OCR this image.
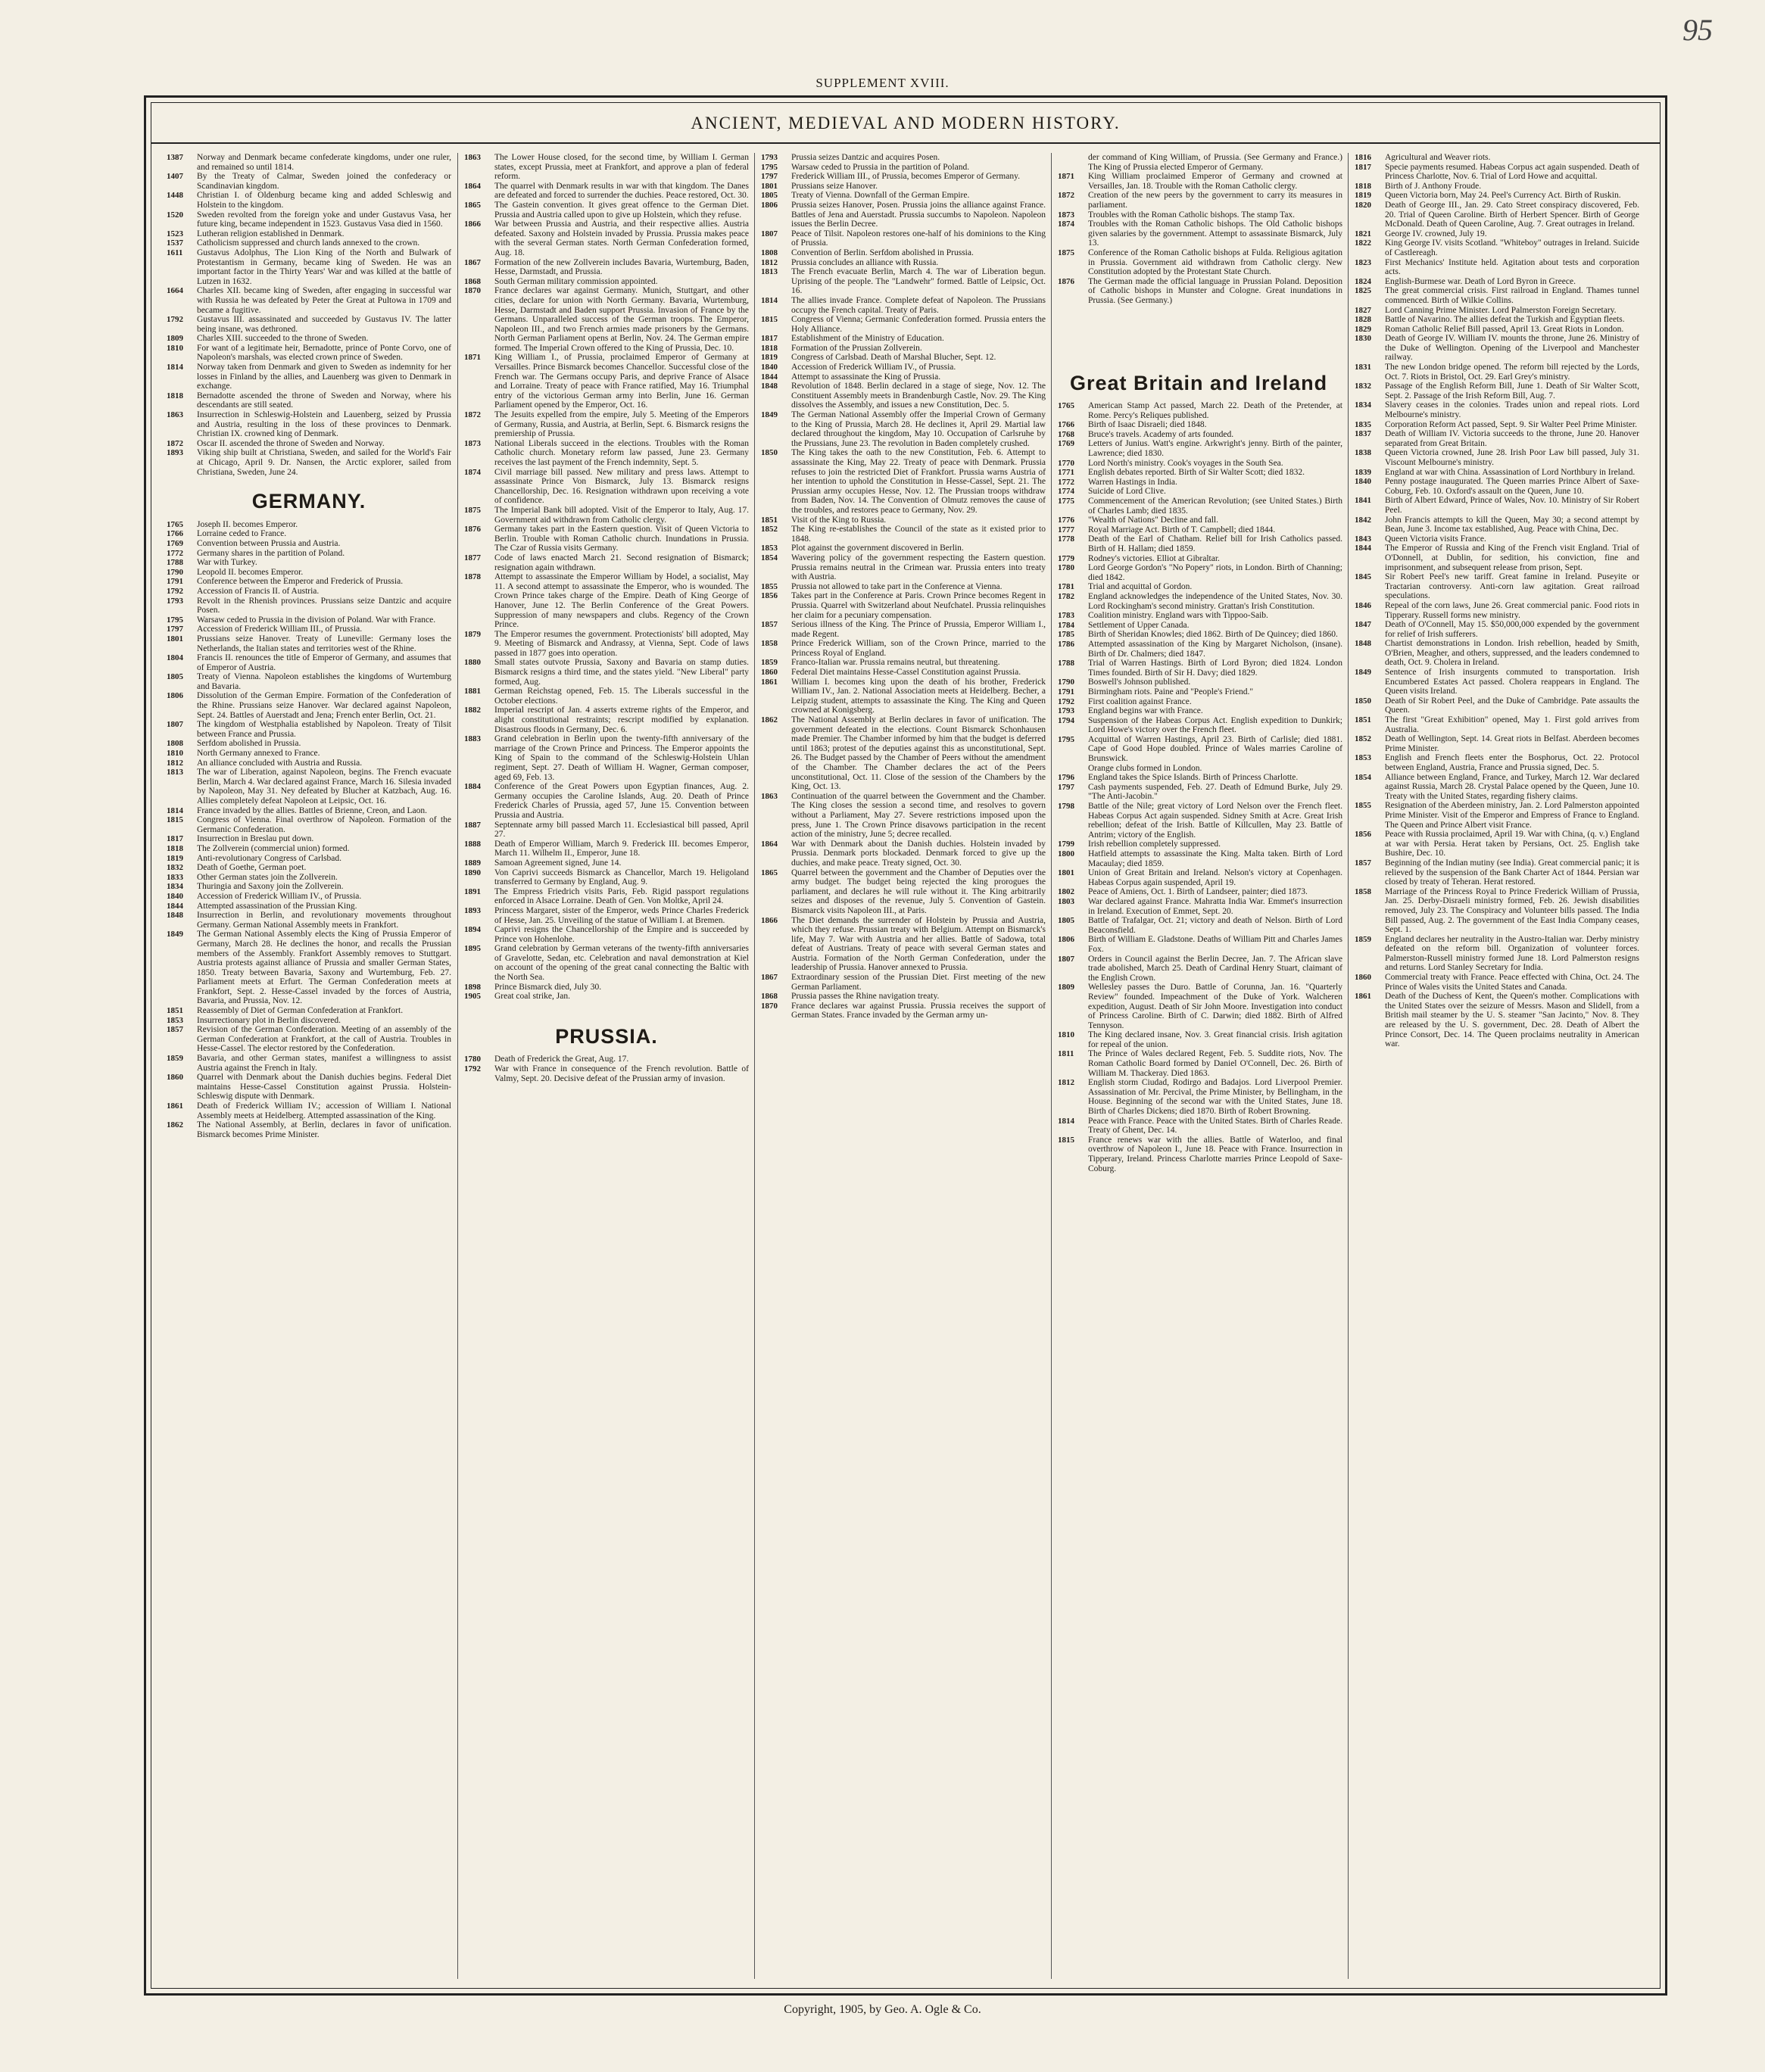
95
SUPPLEMENT XVIII.
ANCIENT, MEDIEVAL AND MODERN HISTORY.
1387	Norway and Denmark became confederate kingdoms, under one ruler, and remained so until 1814.
1407	By the Treaty of Calmar, Sweden joined the confederacy or Scandinavian kingdom.
1448	Christian I. of Oldenburg became king and added Schleswig and Holstein to the kingdom.
1520	Sweden revolted from the foreign yoke and under Gustavus Vasa, her future king, became independent in 1523. Gustavus Vasa died in 1560.
1523	Lutheran religion established in Denmark.
1537	Catholicism suppressed and church lands annexed to the crown.
1611	Gustavus Adolphus, The Lion King of the North and Bulwark of Protestantism in Germany, became king of Sweden. He was an important factor in the Thirty Years' War and was killed at the battle of Lutzen in 1632.
1664	Charles XII. became king of Sweden, after engaging in successful war with Russia he was defeated by Peter the Great at Pultowa in 1709 and became a fugitive.
1792	Gustavus III. assassinated and succeeded by Gustavus IV. The latter being insane, was dethroned.
1809	Charles XIII. succeeded to the throne of Sweden.
1810	For want of a legitimate heir, Bernadotte, prince of Ponte Corvo, one of Napoleon's marshals, was elected crown prince of Sweden.
1814	Norway taken from Denmark and given to Sweden as indemnity for her losses in Finland by the allies, and Lauenberg was given to Denmark in exchange.
1818	Bernadotte ascended the throne of Sweden and Norway, where his descendants are still seated.
1863	Insurrection in Schleswig-Holstein and Lauenberg, seized by Prussia and Austria, resulting in the loss of these provinces to Denmark. Christian IX. crowned king of Denmark.
1872	Oscar II. ascended the throne of Sweden and Norway.
1893	Viking ship built at Christiana, Sweden, and sailed for the World's Fair at Chicago, April 9. Dr. Nansen, the Arctic explorer, sailed from Christiana, Sweden, June 24.
GERMANY.
1765	Joseph II. becomes Emperor.
1766	Lorraine ceded to France.
1769	Convention between Prussia and Austria.
1772	Germany shares in the partition of Poland.
1788	War with Turkey.
1790	Leopold II. becomes Emperor.
1791	Conference between the Emperor and Frederick of Prussia.
1792	Accession of Francis II. of Austria.
1793	Revolt in the Rhenish provinces. Prussians seize Dantzic and acquire Posen.
1795	Warsaw ceded to Prussia in the division of Poland. War with France.
1797	Accession of Frederick William III., of Prussia.
1801	Prussians seize Hanover. Treaty of Luneville: Germany loses the Netherlands, the Italian states and territories west of the Rhine.
1804	Francis II. renounces the title of Emperor of Germany, and assumes that of Emperor of Austria.
1805	Treaty of Vienna. Napoleon establishes the kingdoms of Wurtemburg and Bavaria.
1806	Dissolution of the German Empire. Formation of the Confederation of the Rhine. Prussians seize Hanover. War declared against Napoleon, Sept. 24. Battles of Auerstadt and Jena; French enter Berlin, Oct. 21.
1807	The kingdom of Westphalia established by Napoleon. Treaty of Tilsit between France and Prussia.
1808	Serfdom abolished in Prussia.
1810	North Germany annexed to France.
1812	An alliance concluded with Austria and Russia.
1813	The war of Liberation, against Napoleon, begins. The French evacuate Berlin, March 4. War declared against France, March 16. Silesia invaded by Napoleon, May 31. Ney defeated by Blucher at Katzbach, Aug. 16. Allies completely defeat Napoleon at Leipsic, Oct. 16.
1814	France invaded by the allies. Battles of Brienne, Creon, and Laon.
1815	Congress of Vienna. Final overthrow of Napoleon. Formation of the Germanic Confederation.
1817	Insurrection in Breslau put down.
1818	The Zollverein (commercial union) formed.
1819	Anti-revolutionary Congress of Carlsbad.
1832	Death of Goethe, German poet.
1833	Other German states join the Zollverein.
1834	Thuringia and Saxony join the Zollverein.
1840	Accession of Frederick William IV., of Prussia.
1844	Attempted assassination of the Prussian King.
1848	Insurrection in Berlin, and revolutionary movements throughout Germany. German National Assembly meets in Frankfort.
1849	The German National Assembly elects the King of Prussia Emperor of Germany, March 28. He declines the honor, and recalls the Prussian members of the Assembly. Frankfort Assembly removes to Stuttgart. Austria protests against alliance of Prussia and smaller German States, 1850. Treaty between Bavaria, Saxony and Wurtemburg, Feb. 27. Parliament meets at Erfurt. The German Confederation meets at Frankfort, Sept. 2. Hesse-Cassel invaded by the forces of Austria, Bavaria, and Prussia, Nov. 12.
1851	Reassembly of Diet of German Confederation at Frankfort.
1853	Insurrectionary plot in Berlin discovered.
1857	Revision of the German Confederation. Meeting of an assembly of the German Confederation at Frankfort, at the call of Austria. Troubles in Hesse-Cassel. The elector restored by the Confederation.
1859	Bavaria, and other German states, manifest a willingness to assist Austria against the French in Italy.
1860	Quarrel with Denmark about the Danish duchies begins. Federal Diet maintains Hesse-Cassel Constitution against Prussia. Holstein-Schleswig dispute with Denmark.
1861	Death of Frederick William IV.; accession of William I. National Assembly meets at Heidelberg. Attempted assassination of the King.
1862	The National Assembly, at Berlin, declares in favor of unification. Bismarck becomes Prime Minister.
1863	The Lower House closed, for the second time, by William I. German states, except Prussia, meet at Frankfort, and approve a plan of federal reform.
1864	The quarrel with Denmark results in war with that kingdom. The Danes are defeated and forced to surrender the duchies. Peace restored, Oct. 30.
1865	The Gastein convention. It gives great offence to the German Diet. Prussia and Austria called upon to give up Holstein, which they refuse.
1866	War between Prussia and Austria, and their respective allies. Austria defeated. Saxony and Holstein invaded by Prussia. Prussia makes peace with the several German states. North German Confederation formed, Aug. 18.
1867	Formation of the new Zollverein includes Bavaria, Wurtemburg, Baden, Hesse, Darmstadt, and Prussia.
1868	South German military commission appointed.
1870	France declares war against Germany. Munich, Stuttgart, and other cities, declare for union with North Germany. Bavaria, Wurtemburg, Hesse, Darmstadt and Baden support Prussia. Invasion of France by the Germans. Unparalleled success of the German troops. The Emperor, Napoleon III., and two French armies made prisoners by the Germans. North German Parliament opens at Berlin, Nov. 24. The German empire formed. The Imperial Crown offered to the King of Prussia, Dec. 10.
1871	King William I., of Prussia, proclaimed Emperor of Germany at Versailles. Prince Bismarck becomes Chancellor. Successful close of the French war. The Germans occupy Paris, and deprive France of Alsace and Lorraine. Treaty of peace with France ratified, May 16. Triumphal entry of the victorious German army into Berlin, June 16. German Parliament opened by the Emperor, Oct. 16.
1872	The Jesuits expelled from the empire, July 5. Meeting of the Emperors of Germany, Russia, and Austria, at Berlin, Sept. 6. Bismarck resigns the premiership of Prussia.
1873	National Liberals succeed in the elections. Troubles with the Roman Catholic church. Monetary reform law passed, June 23. Germany receives the last payment of the French indemnity, Sept. 5.
1874	Civil marriage bill passed. New military and press laws. Attempt to assassinate Prince Von Bismarck, July 13. Bismarck resigns Chancellorship, Dec. 16. Resignation withdrawn upon receiving a vote of confidence.
1875	The Imperial Bank bill adopted. Visit of the Emperor to Italy, Aug. 17. Government aid withdrawn from Catholic clergy.
1876	Germany takes part in the Eastern question. Visit of Queen Victoria to Berlin. Trouble with Roman Catholic church. Inundations in Prussia. The Czar of Russia visits Germany.
1877	Code of laws enacted March 21. Second resignation of Bismarck; resignation again withdrawn.
1878	Attempt to assassinate the Emperor William by Hodel, a socialist, May 11. A second attempt to assassinate the Emperor, who is wounded. The Crown Prince takes charge of the Empire. Death of King George of Hanover, June 12. The Berlin Conference of the Great Powers. Suppression of many newspapers and clubs. Regency of the Crown Prince.
1879	The Emperor resumes the government. Protectionists' bill adopted, May 9. Meeting of Bismarck and Andrassy, at Vienna, Sept. Code of laws passed in 1877 goes into operation.
1880	Small states outvote Prussia, Saxony and Bavaria on stamp duties. Bismarck resigns a third time, and the states yield. "New Liberal" party formed, Aug.
1881	German Reichstag opened, Feb. 15. The Liberals successful in the October elections.
1882	Imperial rescript of Jan. 4 asserts extreme rights of the Emperor, and alight constitutional restraints; rescript modified by explanation. Disastrous floods in Germany, Dec. 6.
1883	Grand celebration in Berlin upon the twenty-fifth anniversary of the marriage of the Crown Prince and Princess. The Emperor appoints the King of Spain to the command of the Schleswig-Holstein Uhlan regiment, Sept. 27. Death of William H. Wagner, German composer, aged 69, Feb. 13.
1884	Conference of the Great Powers upon Egyptian finances, Aug. 2. Germany occupies the Caroline Islands, Aug. 20. Death of Prince Frederick Charles of Prussia, aged 57, June 15. Convention between Prussia and Austria.
1887	Septennate army bill passed March 11. Ecclesiastical bill passed, April 27.
1888	Death of Emperor William, March 9. Frederick III. becomes Emperor, March 11. Wilhelm II., Emperor, June 18.
1889	Samoan Agreement signed, June 14.
1890	Von Caprivi succeeds Bismarck as Chancellor, March 19. Heligoland transferred to Germany by England, Aug. 9.
1891	The Empress Friedrich visits Paris, Feb. Rigid passport regulations enforced in Alsace Lorraine. Death of Gen. Von Moltke, April 24.
1893	Princess Margaret, sister of the Emperor, weds Prince Charles Frederick of Hesse, Jan. 25. Unveiling of the statue of William I. at Bremen.
1894	Caprivi resigns the Chancellorship of the Empire and is succeeded by Prince von Hohenlohe.
1895	Grand celebration by German veterans of the twenty-fifth anniversaries of Gravelotte, Sedan, etc. Celebration and naval demonstration at Kiel on account of the opening of the great canal connecting the Baltic with the North Sea.
1898	Prince Bismarck died, July 30.
1905	Great coal strike, Jan.
PRUSSIA.
1780	Death of Frederick the Great, Aug. 17.
1792	War with France in consequence of the French revolution. Battle of Valmy, Sept. 20. Decisive defeat of the Prussian army of invasion.
1793	Prussia seizes Dantzic and acquires Posen.
1795	Warsaw ceded to Prussia in the partition of Poland.
1797	Frederick William III., of Prussia, becomes Emperor of Germany.
1801	Prussians seize Hanover.
1805	Treaty of Vienna. Downfall of the German Empire.
1806	Prussia seizes Hanover, Posen. Prussia joins the alliance against France. Battles of Jena and Auerstadt. Prussia succumbs to Napoleon. Napoleon issues the Berlin Decree.
1807	Peace of Tilsit. Napoleon restores one-half of his dominions to the King of Prussia.
1808	Convention of Berlin. Serfdom abolished in Prussia.
1812	Prussia concludes an alliance with Russia.
1813	The French evacuate Berlin, March 4. The war of Liberation begun. Uprising of the people. The "Landwehr" formed. Battle of Leipsic, Oct. 16.
1814	The allies invade France. Complete defeat of Napoleon. The Prussians occupy the French capital. Treaty of Paris.
1815	Congress of Vienna; Germanic Confederation formed. Prussia enters the Holy Alliance.
1817	Establishment of the Ministry of Education.
1818	Formation of the Prussian Zollverein.
1819	Congress of Carlsbad. Death of Marshal Blucher, Sept. 12.
1840	Accession of Frederick William IV., of Prussia.
1844	Attempt to assassinate the King of Prussia.
1848	Revolution of 1848. Berlin declared in a stage of siege, Nov. 12. The Constituent Assembly meets in Brandenburgh Castle, Nov. 29. The King dissolves the Assembly, and issues a new Constitution, Dec. 5.
1849	The German National Assembly offer the Imperial Crown of Germany to the King of Prussia, March 28. He declines it, April 29. Martial law declared throughout the kingdom, May 10. Occupation of Carlsruhe by the Prussians, June 23. The revolution in Baden completely crushed.
1850	The King takes the oath to the new Constitution, Feb. 6. Attempt to assassinate the King, May 22. Treaty of peace with Denmark. Prussia refuses to join the restricted Diet of Frankfort. Prussia warns Austria of her intention to uphold the Constitution in Hesse-Cassel, Sept. 21. The Prussian army occupies Hesse, Nov. 12. The Prussian troops withdraw from Baden, Nov. 14. The Convention of Olmutz removes the cause of the troubles, and restores peace to Germany, Nov. 29.
1851	Visit of the King to Russia.
1852	The King re-establishes the Council of the state as it existed prior to 1848.
1853	Plot against the government discovered in Berlin.
1854	Wavering policy of the government respecting the Eastern question. Prussia remains neutral in the Crimean war. Prussia enters into treaty with Austria.
1855	Prussia not allowed to take part in the Conference at Vienna.
1856	Takes part in the Conference at Paris. Crown Prince becomes Regent in Prussia. Quarrel with Switzerland about Neufchatel. Prussia relinquishes her claim for a pecuniary compensation.
1857	Serious illness of the King. The Prince of Prussia, Emperor William I., made Regent.
1858	Prince Frederick William, son of the Crown Prince, married to the Princess Royal of England.
1859	Franco-Italian war. Prussia remains neutral, but threatening.
1860	Federal Diet maintains Hesse-Cassel Constitution against Prussia.
1861	William I. becomes king upon the death of his brother, Frederick William IV., Jan. 2. National Association meets at Heidelberg. Becher, a Leipzig student, attempts to assassinate the King. The King and Queen crowned at Konigsberg.
1862	The National Assembly at Berlin declares in favor of unification. The government defeated in the elections. Count Bismarck Schonhausen made Premier. The Chamber informed by him that the budget is deferred until 1863; protest of the deputies against this as unconstitutional, Sept. 26. The Budget passed by the Chamber of Peers without the amendment of the Chamber. The Chamber declares the act of the Peers unconstitutional, Oct. 11. Close of the session of the Chambers by the King, Oct. 13.
1863	Continuation of the quarrel between the Government and the Chamber. The King closes the session a second time, and resolves to govern without a Parliament, May 27. Severe restrictions imposed upon the press, June 1. The Crown Prince disavows participation in the recent action of the ministry, June 5; decree recalled.
1864	War with Denmark about the Danish duchies. Holstein invaded by Prussia. Denmark ports blockaded. Denmark forced to give up the duchies, and make peace. Treaty signed, Oct. 30.
1865	Quarrel between the government and the Chamber of Deputies over the army budget. The budget being rejected the king prorogues the parliament, and declares he will rule without it. The King arbitrarily seizes and disposes of the revenue, July 5. Convention of Gastein. Bismarck visits Napoleon III., at Paris.
1866	The Diet demands the surrender of Holstein by Prussia and Austria, which they refuse. Prussian treaty with Belgium. Attempt on Bismarck's life, May 7. War with Austria and her allies. Battle of Sadowa, total defeat of Austrians. Treaty of peace with several German states and Austria. Formation of the North German Confederation, under the leadership of Prussia. Hanover annexed to Prussia.
1867	Extraordinary session of the Prussian Diet. First meeting of the new German Parliament.
1868	Prussia passes the Rhine navigation treaty.
1870	France declares war against Prussia. Prussia receives the support of German States. France invaded by the German army un-
der command of King William, of Prussia. (See Germany and France.) The King of Prussia elected Emperor of Germany.
1871	King William proclaimed Emperor of Germany and crowned at Versailles, Jan. 18. Trouble with the Roman Catholic clergy.
1872	Creation of the new peers by the government to carry its measures in parliament.
1873	Troubles with the Roman Catholic bishops. The stamp Tax.
1874	Troubles with the Roman Catholic bishops. The Old Catholic bishops given salaries by the government. Attempt to assassinate Bismarck, July 13.
1875	Conference of the Roman Catholic bishops at Fulda. Religious agitation in Prussia. Government aid withdrawn from Catholic clergy. New Constitution adopted by the Protestant State Church.
1876	The German made the official language in Prussian Poland. Deposition of Catholic bishops in Munster and Cologne. Great inundations in Prussia. (See Germany.)
Great Britain and Ireland
1765	American Stamp Act passed, March 22. Death of the Pretender, at Rome. Percy's Reliques published.
1766	Birth of Isaac Disraeli; died 1848.
1768	Bruce's travels. Academy of arts founded.
1769	Letters of Junius. Watt's engine. Arkwright's jenny. Birth of the painter, Lawrence; died 1830.
1770	Lord North's ministry. Cook's voyages in the South Sea.
1771	English debates reported. Birth of Sir Walter Scott; died 1832.
1772	Warren Hastings in India.
1774	Suicide of Lord Clive.
1775	Commencement of the American Revolution; (see United States.) Birth of Charles Lamb; died 1835.
1776	"Wealth of Nations" Decline and fall.
1777	Royal Marriage Act. Birth of T. Campbell; died 1844.
1778	Death of the Earl of Chatham. Relief bill for Irish Catholics passed. Birth of H. Hallam; died 1859.
1779	Rodney's victories. Elliot at Gibraltar.
1780	Lord George Gordon's "No Popery" riots, in London. Birth of Channing; died 1842.
1781	Trial and acquittal of Gordon.
1782	England acknowledges the independence of the United States, Nov. 30. Lord Rockingham's second ministry. Grattan's Irish Constitution.
1783	Coalition ministry. England wars with Tippoo-Saib.
1784	Settlement of Upper Canada.
1785	Birth of Sheridan Knowles; died 1862. Birth of De Quincey; died 1860.
1786	Attempted assassination of the King by Margaret Nicholson, (insane). Birth of Dr. Chalmers; died 1847.
1788	Trial of Warren Hastings. Birth of Lord Byron; died 1824. London Times founded. Birth of Sir H. Davy; died 1829.
1790	Boswell's Johnson published.
1791	Birmingham riots. Paine and "People's Friend."
1792	First coalition against France.
1793	England begins war with France.
1794	Suspension of the Habeas Corpus Act. English expedition to Dunkirk; Lord Howe's victory over the French fleet.
1795	Acquittal of Warren Hastings, April 23. Birth of Carlisle; died 1881. Cape of Good Hope doubled. Prince of Wales marries Caroline of Brunswick.
Orange clubs formed in London.
1796	England takes the Spice Islands. Birth of Princess Charlotte.
1797	Cash payments suspended, Feb. 27. Death of Edmund Burke, July 29. "The Anti-Jacobin."
1798	Battle of the Nile; great victory of Lord Nelson over the French fleet. Habeas Corpus Act again suspended. Sidney Smith at Acre. Great Irish rebellion; defeat of the Irish. Battle of Killcullen, May 23. Battle of Antrim; victory of the English.
1799	Irish rebellion completely suppressed.
1800	Hatfield attempts to assassinate the King. Malta taken. Birth of Lord Macaulay; died 1859.
1801	Union of Great Britain and Ireland. Nelson's victory at Copenhagen. Habeas Corpus again suspended, April 19.
1802	Peace of Amiens, Oct. 1. Birth of Landseer, painter; died 1873.
1803	War declared against France. Mahratta India War. Emmet's insurrection in Ireland. Execution of Emmet, Sept. 20.
1805	Battle of Trafalgar, Oct. 21; victory and death of Nelson. Birth of Lord Beaconsfield.
1806	Birth of William E. Gladstone. Deaths of William Pitt and Charles James Fox.
1807	Orders in Council against the Berlin Decree, Jan. 7. The African slave trade abolished, March 25. Death of Cardinal Henry Stuart, claimant of the English Crown.
1809	Wellesley passes the Duro. Battle of Corunna, Jan. 16. "Quarterly Review" founded. Impeachment of the Duke of York. Walcheren expedition, August. Death of Sir John Moore. Investigation into conduct of Princess Caroline. Birth of C. Darwin; died 1882. Birth of Alfred Tennyson.
1810	The King declared insane, Nov. 3. Great financial crisis. Irish agitation for repeal of the union.
1811	The Prince of Wales declared Regent, Feb. 5. Suddite riots, Nov. The Roman Catholic Board formed by Daniel O'Connell, Dec. 26. Birth of William M. Thackeray. Died 1863.
1812	English storm Ciudad, Rodirgo and Badajos. Lord Liverpool Premier. Assassination of Mr. Percival, the Prime Minister, by Bellingham, in the House. Beginning of the second war with the United States, June 18. Birth of Charles Dickens; died 1870. Birth of Robert Browning.
1814	Peace with France. Peace with the United States. Birth of Charles Reade. Treaty of Ghent, Dec. 14.
1815	France renews war with the allies. Battle of Waterloo, and final overthrow of Napoleon I., June 18. Peace with France. Insurrection in Tipperary, Ireland. Princess Charlotte marries Prince Leopold of Saxe-Coburg.
1816	Agricultural and Weaver riots.
1817	Specie payments resumed. Habeas Corpus act again suspended. Death of Princess Charlotte, Nov. 6. Trial of Lord Howe and acquittal.
1818	Birth of J. Anthony Froude.
1819	Queen Victoria born, May 24. Peel's Currency Act. Birth of Ruskin.
1820	Death of George III., Jan. 29. Cato Street conspiracy discovered, Feb. 20. Trial of Queen Caroline. Birth of Herbert Spencer. Birth of George McDonald. Death of Queen Caroline, Aug. 7. Great outrages in Ireland.
1821	George IV. crowned, July 19.
1822	King George IV. visits Scotland. "Whiteboy" outrages in Ireland. Suicide of Castlereagh.
1823	First Mechanics' Institute held. Agitation about tests and corporation acts.
1824	English-Burmese war. Death of Lord Byron in Greece.
1825	The great commercial crisis. First railroad in England. Thames tunnel commenced. Birth of Wilkie Collins.
1827	Lord Canning Prime Minister. Lord Palmerston Foreign Secretary.
1828	Battle of Navarino. The allies defeat the Turkish and Egyptian fleets.
1829	Roman Catholic Relief Bill passed, April 13. Great Riots in London.
1830	Death of George IV. William IV. mounts the throne, June 26. Ministry of the Duke of Wellington. Opening of the Liverpool and Manchester railway.
1831	The new London bridge opened. The reform bill rejected by the Lords, Oct. 7. Riots in Bristol, Oct. 29. Earl Grey's ministry.
1832	Passage of the English Reform Bill, June 1. Death of Sir Walter Scott, Sept. 2. Passage of the Irish Reform Bill, Aug. 7.
1834	Slavery ceases in the colonies. Trades union and repeal riots. Lord Melbourne's ministry.
1835	Corporation Reform Act passed, Sept. 9. Sir Walter Peel Prime Minister.
1837	Death of William IV. Victoria succeeds to the throne, June 20. Hanover separated from Great Britain.
1838	Queen Victoria crowned, June 28. Irish Poor Law bill passed, July 31. Viscount Melbourne's ministry.
1839	England at war with China. Assassination of Lord Northbury in Ireland.
1840	Penny postage inaugurated. The Queen marries Prince Albert of Saxe-Coburg, Feb. 10. Oxford's assault on the Queen, June 10.
1841	Birth of Albert Edward, Prince of Wales, Nov. 10. Ministry of Sir Robert Peel.
1842	John Francis attempts to kill the Queen, May 30; a second attempt by Bean, June 3. Income tax established, Aug. Peace with China, Dec.
1843	Queen Victoria visits France.
1844	The Emperor of Russia and King of the French visit England. Trial of O'Donnell, at Dublin, for sedition, his conviction, fine and imprisonment, and subsequent release from prison, Sept.
1845	Sir Robert Peel's new tariff. Great famine in Ireland. Puseyite or Tractarian controversy. Anti-corn law agitation. Great railroad speculations.
1846	Repeal of the corn laws, June 26. Great commercial panic. Food riots in Tipperary. Russell forms new ministry.
1847	Death of O'Connell, May 15. $50,000,000 expended by the government for relief of Irish sufferers.
1848	Chartist demonstrations in London. Irish rebellion, headed by Smith, O'Brien, Meagher, and others, suppressed, and the leaders condemned to death, Oct. 9. Cholera in Ireland.
1849	Sentence of Irish insurgents commuted to transportation. Irish Encumbered Estates Act passed. Cholera reappears in England. The Queen visits Ireland.
1850	Death of Sir Robert Peel, and the Duke of Cambridge. Pate assaults the Queen.
1851	The first "Great Exhibition" opened, May 1. First gold arrives from Australia.
1852	Death of Wellington, Sept. 14. Great riots in Belfast. Aberdeen becomes Prime Minister.
1853	English and French fleets enter the Bosphorus, Oct. 22. Protocol between England, Austria, France and Prussia signed, Dec. 5.
1854	Alliance between England, France, and Turkey, March 12. War declared against Russia, March 28. Crystal Palace opened by the Queen, June 10. Treaty with the United States, regarding fishery claims.
1855	Resignation of the Aberdeen ministry, Jan. 2. Lord Palmerston appointed Prime Minister. Visit of the Emperor and Empress of France to England. The Queen and Prince Albert visit France.
1856	Peace with Russia proclaimed, April 19. War with China, (q. v.) England at war with Persia. Herat taken by Persians, Oct. 25. English take Bushire, Dec. 10.
1857	Beginning of the Indian mutiny (see India). Great commercial panic; it is relieved by the suspension of the Bank Charter Act of 1844. Persian war closed by treaty of Teheran. Herat restored.
1858	Marriage of the Princess Royal to Prince Frederick William of Prussia, Jan. 25. Derby-Disraeli ministry formed, Feb. 26. Jewish disabilities removed, July 23. The Conspiracy and Volunteer bills passed. The India Bill passed, Aug. 2. The government of the East India Company ceases, Sept. 1.
1859	England declares her neutrality in the Austro-Italian war. Derby ministry defeated on the reform bill. Organization of volunteer forces. Palmerston-Russell ministry formed June 18. Lord Palmerston resigns and returns. Lord Stanley Secretary for India.
1860	Commercial treaty with France. Peace effected with China, Oct. 24. The Prince of Wales visits the United States and Canada.
1861	Death of the Duchess of Kent, the Queen's mother. Complications with the United States over the seizure of Messrs. Mason and Slidell, from a British mail steamer by the U. S. steamer "San Jacinto," Nov. 8. They are released by the U. S. government, Dec. 28. Death of Albert the Prince Consort, Dec. 14. The Queen proclaims neutrality in American war.
Copyright, 1905, by Geo. A. Ogle & Co.
